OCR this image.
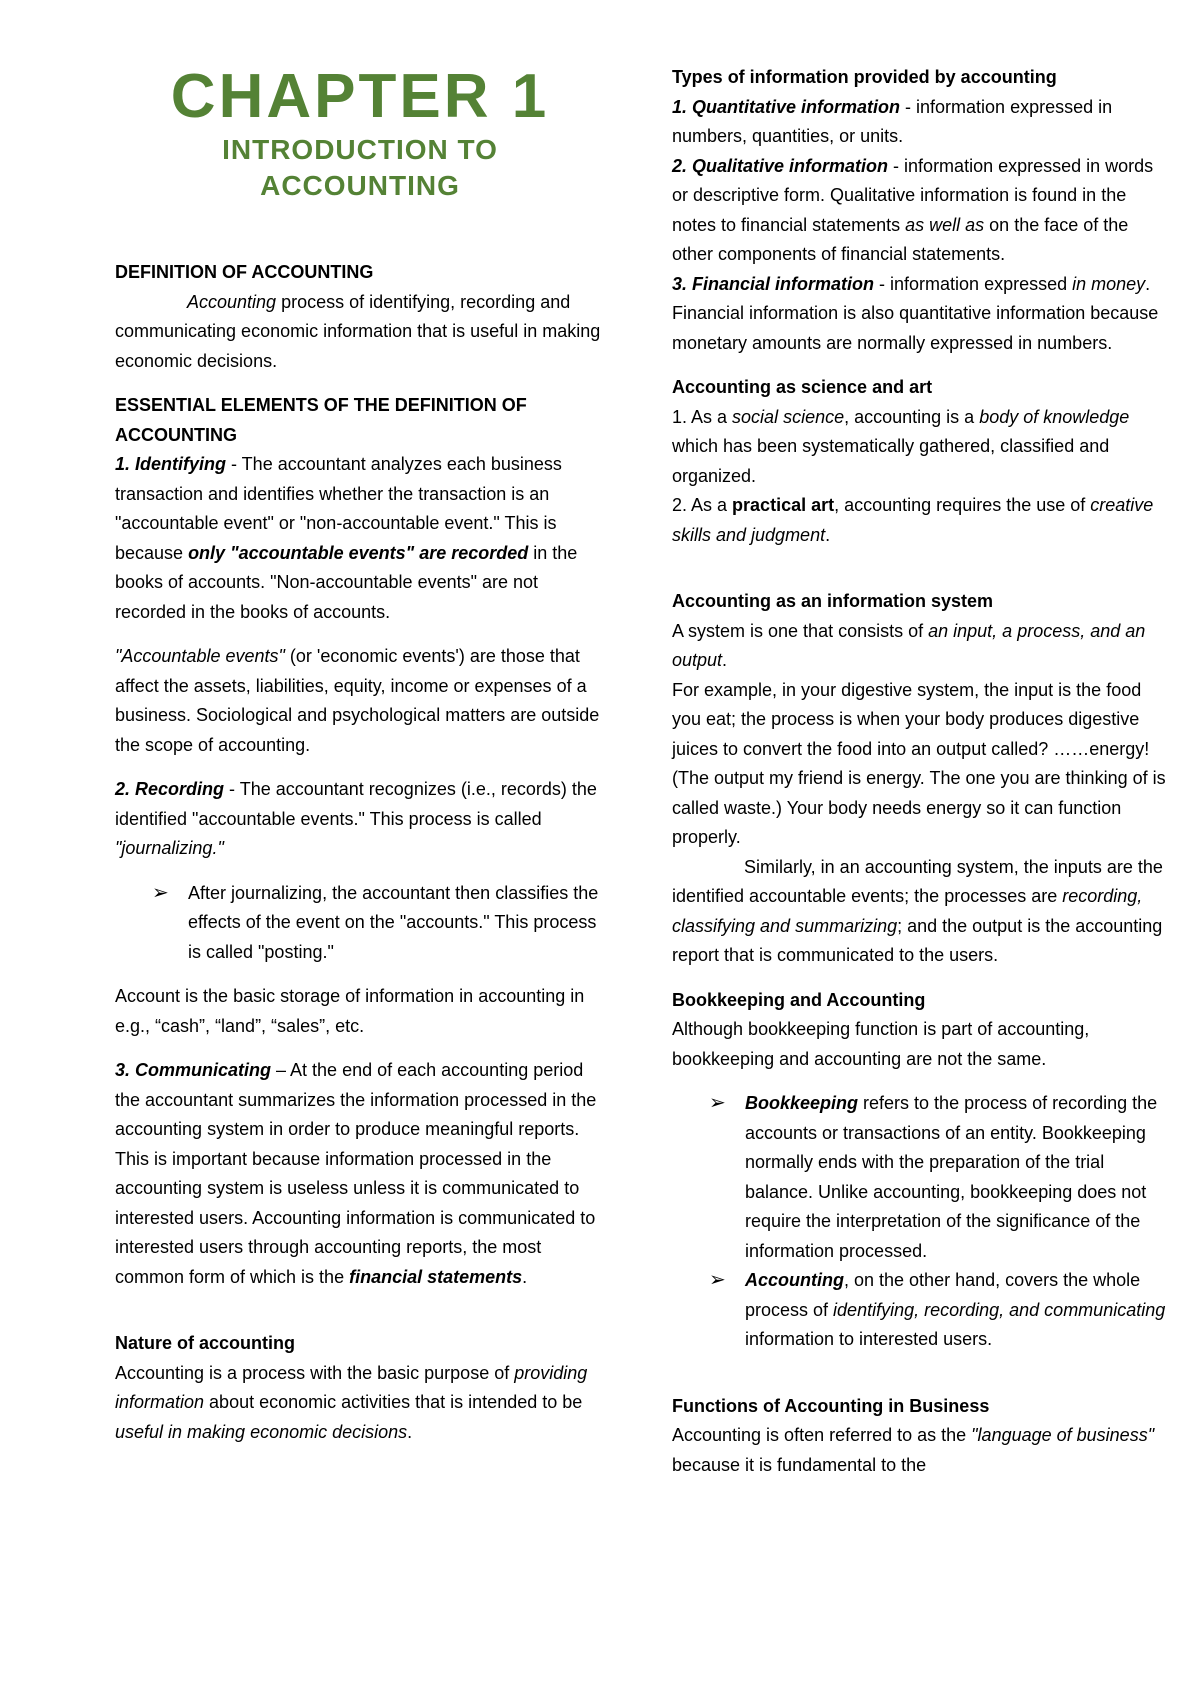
CHAPTER 1
INTRODUCTION TO
ACCOUNTING
DEFINITION OF ACCOUNTING

Accounting process of identifying, recording and communicating economic information that is useful in making economic decisions.

ESSENTIAL ELEMENTS OF THE DEFINITION OF ACCOUNTING

1. Identifying - The accountant analyzes each business transaction and identifies whether the transaction is an "accountable event" or "non-accountable event." This is because only "accountable events" are recorded in the books of accounts. "Non-accountable events" are not recorded in the books of accounts.

"Accountable events" (or 'economic events') are those that affect the assets, liabilities, equity, income or expenses of a business. Sociological and psychological matters are outside the scope of accounting.

2. Recording - The accountant recognizes (i.e., records) the identified "accountable events." This process is called "journalizing."

➢ After journalizing, the accountant then classifies the effects of the event on the "accounts." This process is called "posting."

Account is the basic storage of information in accounting in e.g., “cash”, “land”, “sales”, etc.

3. Communicating – At the end of each accounting period the accountant summarizes the information processed in the accounting system in order to produce meaningful reports. This is important because information processed in the accounting system is useless unless it is communicated to interested users. Accounting information is communicated to interested users through accounting reports, the most common form of which is the financial statements.

Nature of accounting

Accounting is a process with the basic purpose of providing information about economic activities that is intended to be useful in making economic decisions.

Types of information provided by accounting
1. Quantitative information - information expressed in numbers, quantities, or units.
2. Qualitative information - information expressed in words or descriptive form. Qualitative information is found in the notes to financial statements as well as on the face of the other components of financial statements.

3. Financial information - information expressed in money. Financial information is also quantitative information because monetary amounts are normally expressed in numbers.

Accounting as science and art
1. As a social science, accounting is a body of knowledge which has been systematically gathered, classified and organized.

2. As a practical art, accounting requires the use of creative skills and judgment.

Accounting as an information system
A system is one that consists of an input, a process, and an output.
For example, in your digestive system, the input is the food you eat; the process is when your body produces digestive juices to convert the food into an output called? ……energy! (The output my friend is energy. The one you are thinking of is called waste.) Your body needs energy so it can function properly.

Similarly, in an accounting system, the inputs are the identified accountable events; the processes are recording, classifying and summarizing; and the output is the accounting report that is communicated to the users.

Bookkeeping and Accounting

Although bookkeeping function is part of accounting, bookkeeping and accounting are not the same.

➢ Bookkeeping refers to the process of recording the accounts or transactions of an entity. Bookkeeping normally ends with the preparation of the trial balance. Unlike accounting, bookkeeping does not require the interpretation of the significance of the information processed.
➢ Accounting, on the other hand, covers the whole process of identifying, recording, and communicating information to interested users.
Functions of Accounting in Business
Accounting is often referred to as the "language of business" because it is fundamental to the
